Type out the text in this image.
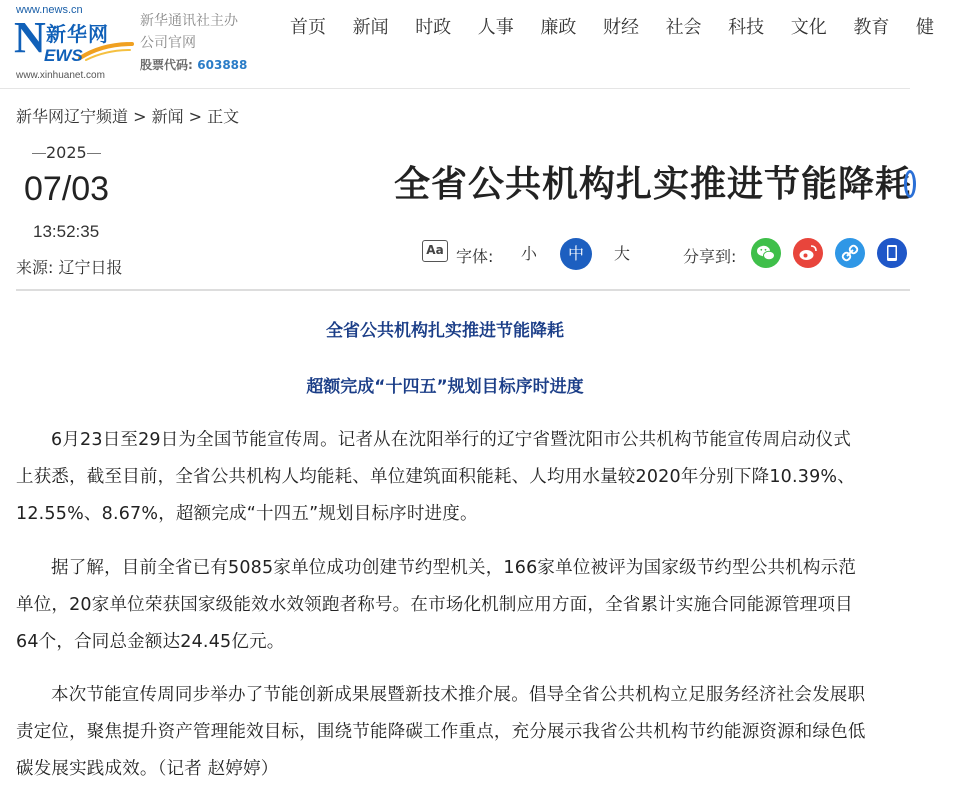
www.news.cn
N 新华网
EWS
www.xinhuanet.com
新华通讯社主办
公司官网
股票代码: 603888
首页 新闻 时政 人事 廉政 财经 社会 科技 文化 教育 健
新华网辽宁频道 > 新闻 > 正文
2025
07/03
13:52:35
来源: 辽宁日报
全省公共机构扎实推进节能降耗
Aa 字体:	小	中	大	分享到:
全省公共机构扎实推进节能降耗
超额完成“十四五”规划目标序时进度

6月23日至29日为全国节能宣传周。记者从在沈阳举行的辽宁省暨沈阳市公共机构节能宣传周启动仪式上获悉，截至目前，全省公共机构人均能耗、单位建筑面积能耗、人均用水量较2020年分别下降10.39%、12.55%、8.67%，超额完成“十四五”规划目标序时进度。

据了解，目前全省已有5085家单位成功创建节约型机关，166家单位被评为国家级节约型公共机构示范单位，20家单位荣获国家级能效水效领跑者称号。在市场化机制应用方面，全省累计实施合同能源管理项目64个，合同总金额达24.45亿元。

本次节能宣传周同步举办了节能创新成果展暨新技术推介展。倡导全省公共机构立足服务经济社会发展职责定位，聚焦提升资产管理能效目标，围绕节能降碳工作重点，充分展示我省公共机构节约能源资源和绿色低碳发展实践成效。（记者 赵婷婷）
